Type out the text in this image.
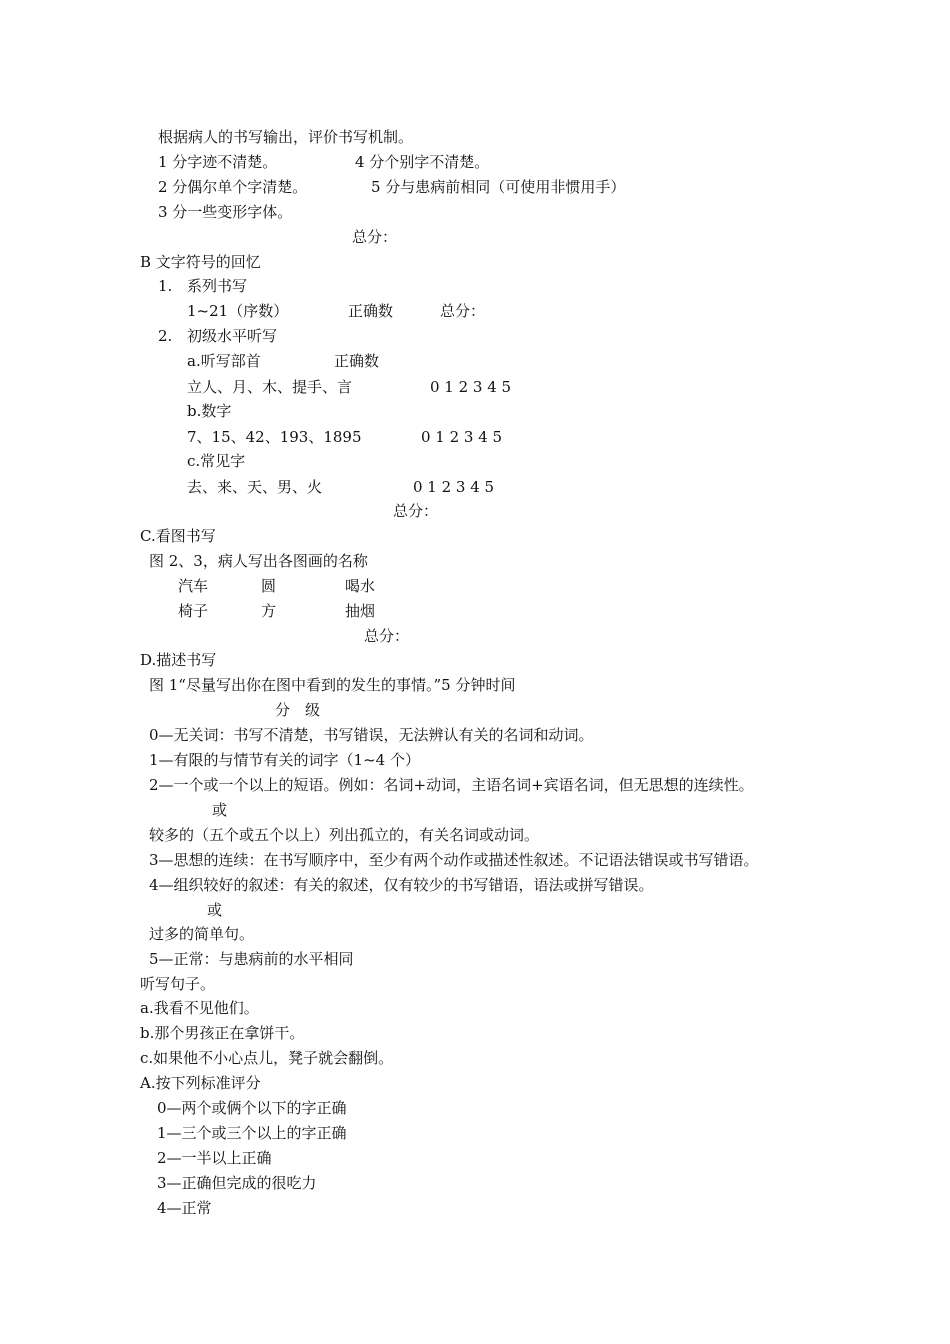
根据病人的书写输出，评价书写机制。
1 分字迹不清楚。	4 分个别字不清楚。
2 分偶尔单个字清楚。	5 分与患病前相同（可使用非惯用手）
3 分一些变形字体。
总分：
B 文字符号的回忆
1. 系列书写
1~21（序数）	正确数	总分：
2. 初级水平听写
a.听写部首	正确数
立人、月、木、提手、言	0 1 2 3 4 5
b.数字
7、15、42、193、1895	0 1 2 3 4 5
c.常见字
去、来、天、男、火	0 1 2 3 4 5
总分：
C.看图书写
图 2、3，病人写出各图画的名称
汽车	圆	喝水
椅子	方	抽烟
总分：
D.描述书写
图 1“尽量写出你在图中看到的发生的事情。”5 分钟时间
分　级
0—无关词：书写不清楚，书写错误，无法辨认有关的名词和动词。
1—有限的与情节有关的词字（1~4 个）
2—一个或一个以上的短语。例如：名词+动词，主语名词+宾语名词，但无思想的连续性。
或
较多的（五个或五个以上）列出孤立的，有关名词或动词。
3—思想的连续：在书写顺序中，至少有两个动作或描述性叙述。不记语法错误或书写错语。
4—组织较好的叙述：有关的叙述，仅有较少的书写错语，语法或拼写错误。
或
过多的简单句。
5—正常：与患病前的水平相同
听写句子。
a.我看不见他们。
b.那个男孩正在拿饼干。
c.如果他不小心点儿，凳子就会翻倒。
A.按下列标准评分
0—两个或俩个以下的字正确
1—三个或三个以上的字正确
2—一半以上正确
3—正确但完成的很吃力
4—正常
